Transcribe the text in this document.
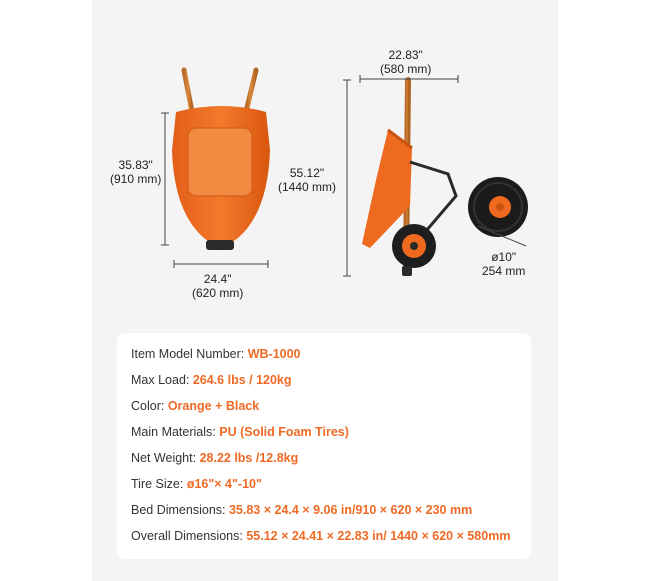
35.83"
(910 mm)
24.4"
(620 mm)
55.12"
(1440 mm)
22.83"
(580 mm)
ø10"
254 mm
Item Model Number: WB-1000
Max Load: 264.6 lbs / 120kg
Color: Orange + Black
Main Materials: PU (Solid Foam Tires)
Net Weight: 28.22 lbs /12.8kg
Tire Size: ø16"× 4"-10"
Bed Dimensions: 35.83 × 24.4 × 9.06 in/910 × 620 × 230 mm
Overall Dimensions: 55.12 × 24.41 × 22.83 in/ 1440 × 620 × 580mm
